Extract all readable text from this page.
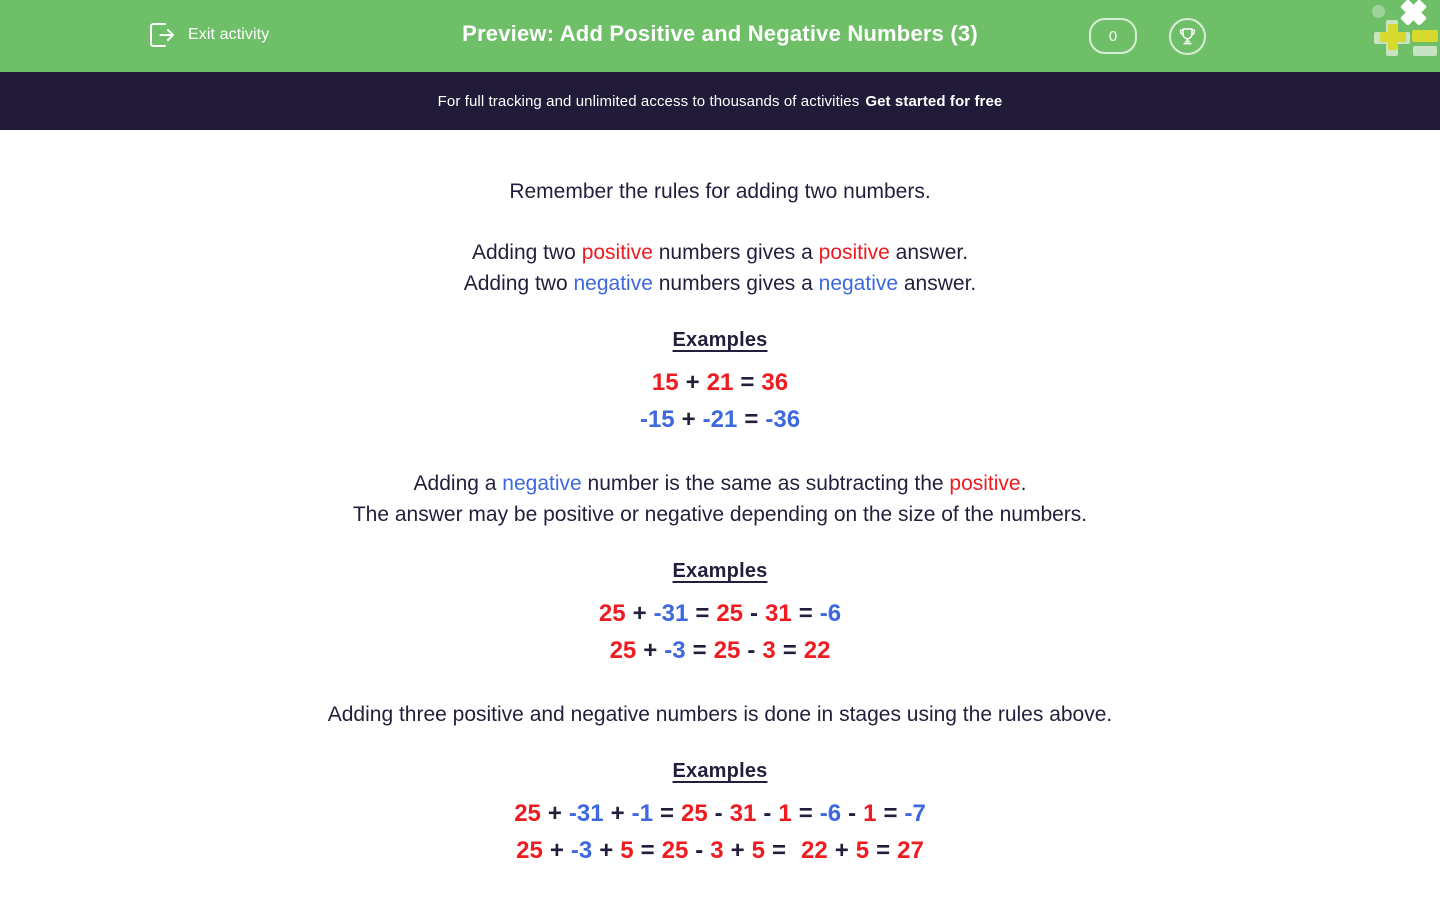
Exit activity	Preview: Add Positive and Negative Numbers (3)	0
For full tracking and unlimited access to thousands of activities Get started for free
Remember the rules for adding two numbers.
Adding two positive numbers gives a positive answer.
Adding two negative numbers gives a negative answer.
Examples
15 + 21 = 36
-15 + -21 = -36
Adding a negative number is the same as subtracting the positive.
The answer may be positive or negative depending on the size of the numbers.
Examples
25 + -31 = 25 - 31 = -6
25 + -3 = 25 - 3 = 22
Adding three positive and negative numbers is done in stages using the rules above.
Examples
25 + -31 + -1 = 25 - 31 - 1 = -6 - 1 = -7
25 + -3 + 5 = 25 - 3 + 5 = 22 + 5 = 27
